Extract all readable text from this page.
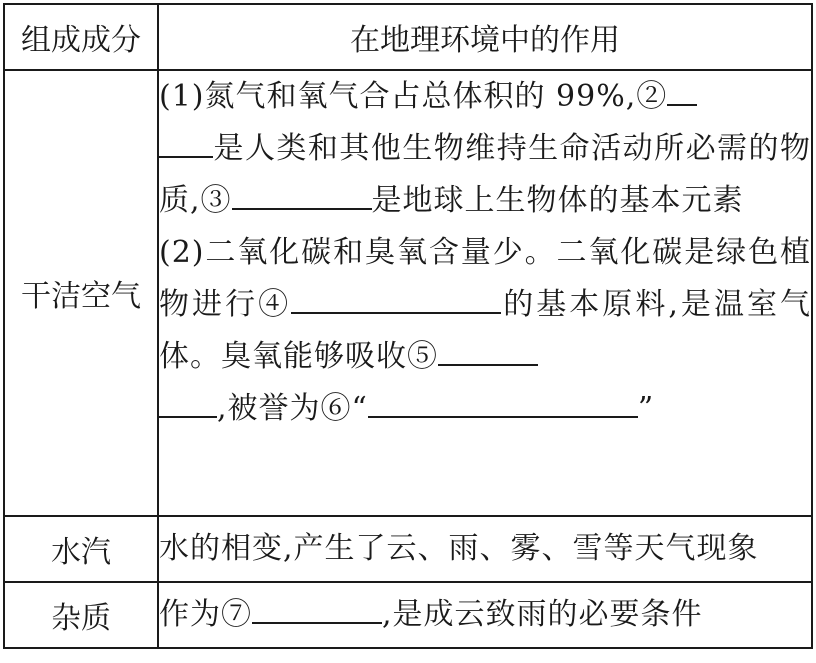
组成成分	在地理环境中的作用
干洁空气	(1)氮气和氧气合占总体积的 99%,②
是人类和其他生物维持生命活动所必需的物质,③ 是地球上生物体的基本元素
(2)二氧化碳和臭氧含量少。二氧化碳是绿色植物进行④ 的基本原料,是温室气体。臭氧能够吸收⑤
,被誉为⑥“ ”
水汽	水的相变,产生了云、雨、雾、雪等天气现象
杂质	作为⑦ ,是成云致雨的必要条件
